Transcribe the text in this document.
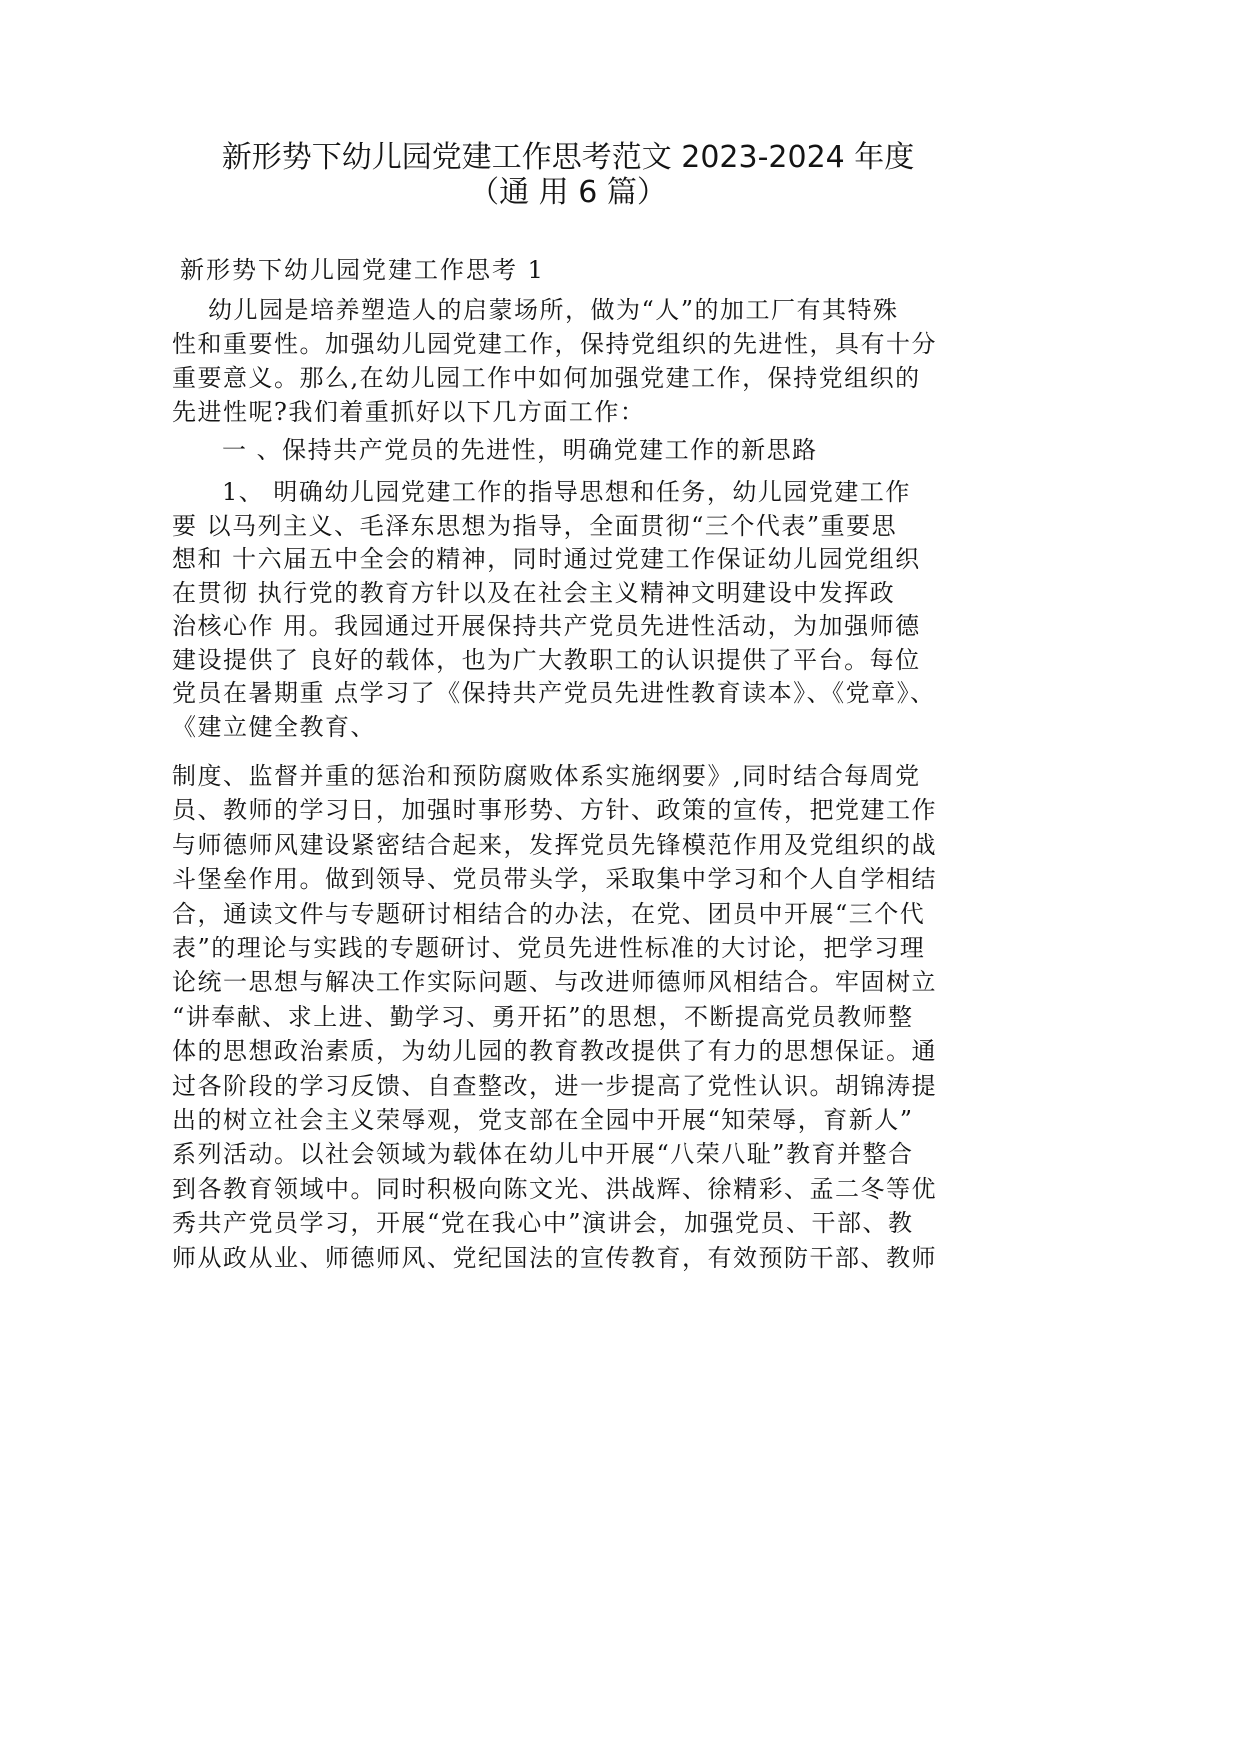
新形势下幼儿园党建工作思考范文 2023-2024 年度
（通 用 6 篇）
新形势下幼儿园党建工作思考 1
幼儿园是培养塑造人的启蒙场所，做为“人”的加工厂有其特殊
性和重要性。加强幼儿园党建工作，保持党组织的先进性，具有十分
重要意义。那么,在幼儿园工作中如何加强党建工作，保持党组织的
先进性呢?我们着重抓好以下几方面工作：
一 、保持共产党员的先进性，明确党建工作的新思路
1、 明确幼儿园党建工作的指导思想和任务，幼儿园党建工作
要 以马列主义、毛泽东思想为指导，全面贯彻“三个代表”重要思
想和 十六届五中全会的精神，同时通过党建工作保证幼儿园党组织
在贯彻 执行党的教育方针以及在社会主义精神文明建设中发挥政
治核心作 用。我园通过开展保持共产党员先进性活动，为加强师德
建设提供了 良好的载体，也为广大教职工的认识提供了平台。每位
党员在暑期重 点学习了《保持共产党员先进性教育读本》、《党章》、
《建立健全教育、
制度、监督并重的惩治和预防腐败体系实施纲要》,同时结合每周党
员、教师的学习日，加强时事形势、方针、政策的宣传，把党建工作
与师德师风建设紧密结合起来，发挥党员先锋模范作用及党组织的战
斗堡垒作用。做到领导、党员带头学，采取集中学习和个人自学相结
合，通读文件与专题研讨相结合的办法，在党、团员中开展“三个代
表”的理论与实践的专题研讨、党员先进性标准的大讨论，把学习理
论统一思想与解决工作实际问题、与改进师德师风相结合。牢固树立
“讲奉献、求上进、勤学习、勇开拓”的思想，不断提高党员教师整
体的思想政治素质，为幼儿园的教育教改提供了有力的思想保证。通
过各阶段的学习反馈、自查整改，进一步提高了党性认识。胡锦涛提
出的树立社会主义荣辱观，党支部在全园中开展“知荣辱，育新人”
系列活动。以社会领域为载体在幼儿中开展“八荣八耻”教育并整合
到各教育领域中。同时积极向陈文光、洪战辉、徐精彩、孟二冬等优
秀共产党员学习，开展“党在我心中”演讲会，加强党员、干部、教
师从政从业、师德师风、党纪国法的宣传教育，有效预防干部、教师
